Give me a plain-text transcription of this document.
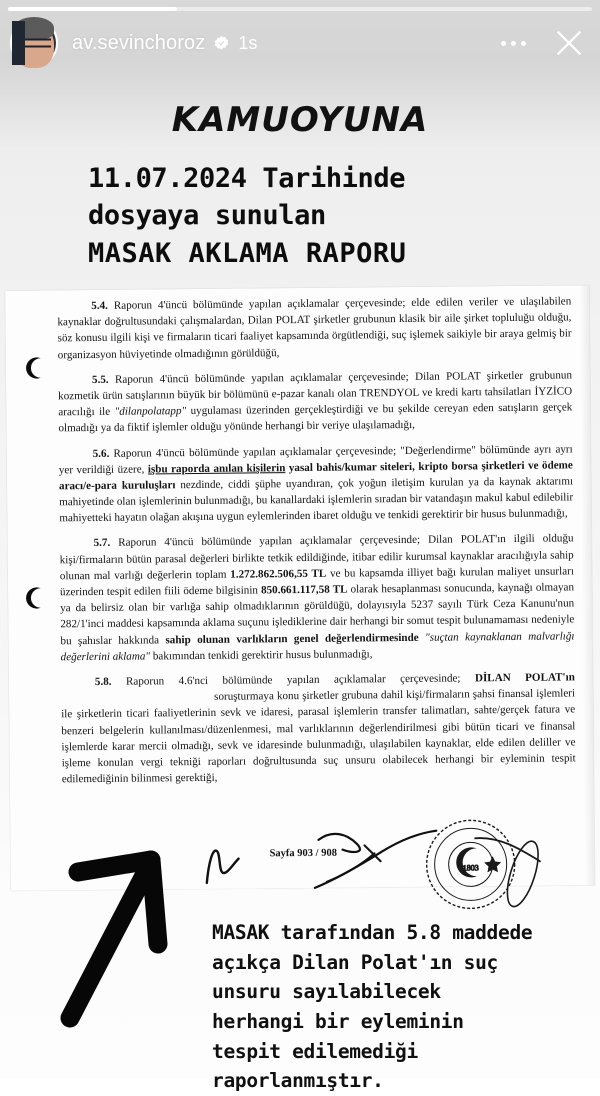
av.sevinchoroz 1s
KAMUOYUNA
11.07.2024 Tarihinde
dosyaya sunulan
MASAK AKLAMA RAPORU

5.4. Raporun 4'üncü bölümünde yapılan açıklamalar çerçevesinde; elde edilen veriler ve ulaşılabilen kaynaklar doğrultusundaki çalışmalardan, Dilan POLAT şirketler grubunun klasik bir aile şirket topluluğu olduğu, söz konusu ilgili kişi ve firmaların ticari faaliyet kapsamında örgütlendiği, suç işlemek saikiyle bir araya gelmiş bir organizasyon hüviyetinde olmadığının görüldüğü,

5.5. Raporun 4'üncü bölümünde yapılan açıklamalar çerçevesinde; Dilan POLAT şirketler grubunun kozmetik ürün satışlarının büyük bir bölümünü e-pazar kanalı olan TRENDYOL ve kredi kartı tahsilatları İYZİCO aracılığı ile "dilanpolatapp" uygulaması üzerinden gerçekleştirdiği ve bu şekilde cereyan eden satışların gerçek olmadığı ya da fiktif işlemler olduğu yönünde herhangi bir veriye ulaşılamadığı,

5.6. Raporun 4'üncü bölümünde yapılan açıklamalar çerçevesinde; "Değerlendirme" bölümünde ayrı ayrı yer verildiği üzere, işbu raporda anılan kişilerin yasal bahis/kumar siteleri, kripto borsa şirketleri ve ödeme aracı/e-para kuruluşları nezdinde, ciddi şüphe uyandıran, çok yoğun iletişim kurulan ya da kaynak aktarımı mahiyetinde olan işlemlerinin bulunmadığı, bu kanallardaki işlemlerin sıradan bir vatandaşın makul kabul edilebilir mahiyetteki hayatın olağan akışına uygun eylemlerinden ibaret olduğu ve tenkidi gerektirir bir husus bulunmadığı,

5.7. Raporun 4'üncü bölümünde yapılan açıklamalar çerçevesinde; Dilan POLAT'ın ilgili olduğu kişi/firmaların bütün parasal değerleri birlikte tetkik edildiğinde, itibar edilir kurumsal kaynaklar aracılığıyla sahip olunan mal varlığı değerlerin toplam 1.272.862.506,55 TL ve bu kapsamda illiyet bağı kurulan maliyet unsurları üzerinden tespit edilen fiili ödeme bilgisinin 850.661.117,58 TL olarak hesaplanması sonucunda, kaynağı olmayan ya da belirsiz olan bir varlığa sahip olmadıklarının görüldüğü, dolayısıyla 5237 sayılı Türk Ceza Kanunu'nun 282/1'inci maddesi kapsamında aklama suçunu işlediklerine dair herhangi bir somut tespit bulunamaması nedeniyle bu şahıslar hakkında sahip olunan varlıkların genel değerlendirmesinde "suçtan kaynaklanan malvarlığı değerlerini aklama" bakımından tenkidi gerektirir husus bulunmadığı,

5.8. Raporun 4.6'nci bölümünde yapılan açıklamalar çerçevesinde; DİLAN POLAT'ın soruşturmaya konu şirketler grubuna dahil kişi/firmaların şahsi finansal işlemleri ile şirketlerin ticari faaliyetlerinin sevk ve idaresi, parasal işlemlerin transfer talimatları, sahte/gerçek fatura ve benzeri belgelerin kullanılması/düzenlenmesi, mal varlıklarının değerlendirilmesi gibi bütün ticari ve finansal işlemlerde karar mercii olmadığı, sevk ve idaresinde bulunmadığı, ulaşılabilen kaynaklar, elde edilen deliller ve işleme konulan vergi tekniği raporları doğrultusunda suç unsuru olabilecek herhangi bir eyleminin tespit edilemediğinin bilinmesi gerektiği,

Sayfa 903 / 908
1803
MASAK tarafından 5.8 maddede
açıkça Dilan Polat'ın suç
unsuru sayılabilecek
herhangi bir eyleminin
tespit edilemediği
raporlanmıştır.
